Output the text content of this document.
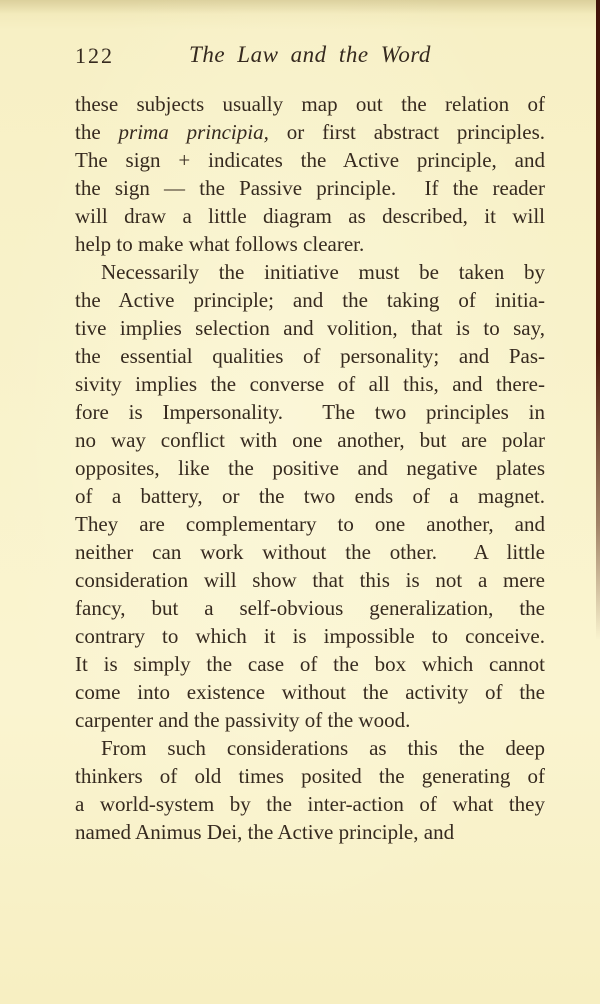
122	The Law and the Word
these subjects usually map out the relation of
the prima principia, or first abstract principles.
The sign + indicates the Active principle, and
the sign — the Passive principle.  If the reader
will draw a little diagram as described, it will
help to make what follows clearer.
Necessarily the initiative must be taken by
the Active principle; and the taking of initia-
tive implies selection and volition, that is to say,
the essential qualities of personality; and Pas-
sivity implies the converse of all this, and there-
fore is Impersonality.  The two principles in
no way conflict with one another, but are polar
opposites, like the positive and negative plates
of a battery, or the two ends of a magnet.
They are complementary to one another, and
neither can work without the other.  A little
consideration will show that this is not a mere
fancy, but a self-obvious generalization, the
contrary to which it is impossible to conceive.
It is simply the case of the box which cannot
come into existence without the activity of the
carpenter and the passivity of the wood.
From such considerations as this the deep
thinkers of old times posited the generating of
a world-system by the inter-action of what they
named Animus Dei, the Active principle, and
